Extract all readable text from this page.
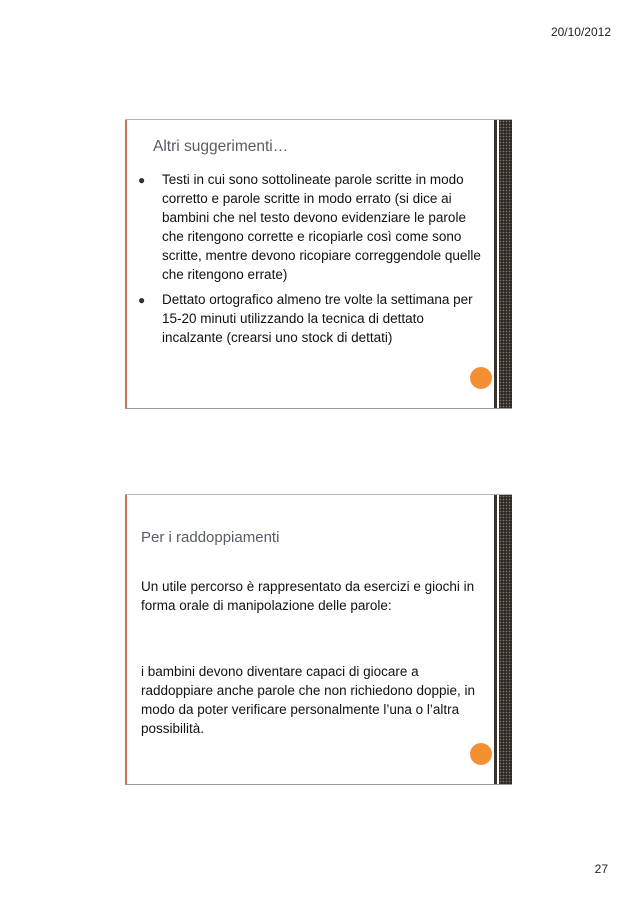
20/10/2012
Altri suggerimenti…
● Testi in cui sono sottolineate parole scritte in modo corretto e parole scritte in modo errato (si dice ai bambini che nel testo devono evidenziare le parole che ritengono corrette e ricopiarle così come sono scritte, mentre devono ricopiare correggendole quelle che ritengono errate)
● Dettato ortografico almeno tre volte la settimana per 15-20 minuti utilizzando la tecnica di dettato incalzante (crearsi uno stock di dettati)
Per i raddoppiamenti

Un utile percorso è rappresentato da esercizi e giochi in forma orale di manipolazione delle parole:

i bambini devono diventare capaci di giocare a raddoppiare anche parole che non richiedono doppie, in modo da poter verificare personalmente l’una o l’altra possibilità.

27
